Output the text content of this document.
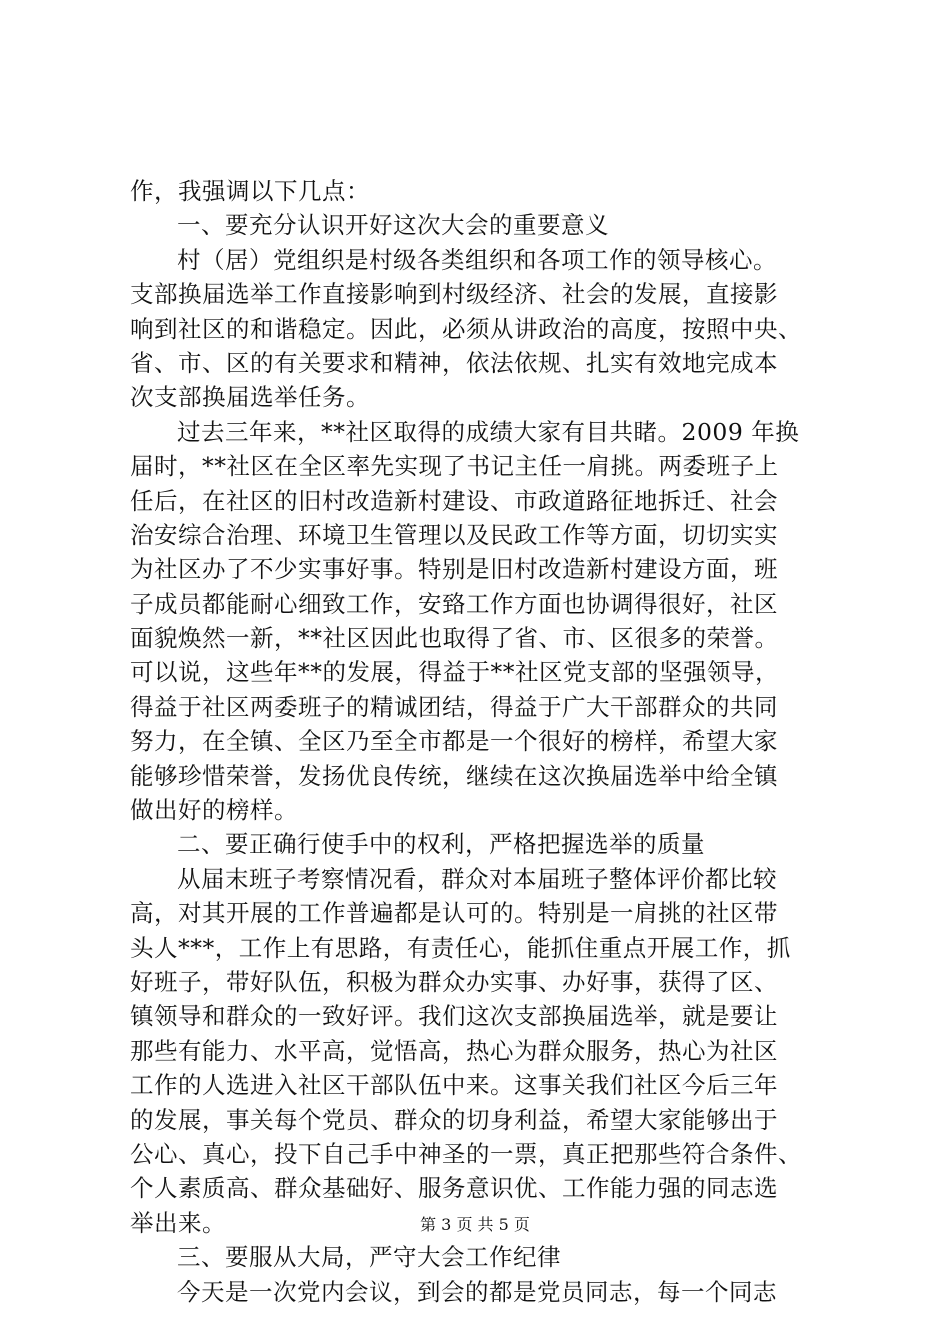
作，我强调以下几点：
一、要充分认识开好这次大会的重要意义
村（居）党组织是村级各类组织和各项工作的领导核心。
支部换届选举工作直接影响到村级经济、社会的发展，直接影
响到社区的和谐稳定。因此，必须从讲政治的高度，按照中央、
省、市、区的有关要求和精神，依法依规、扎实有效地完成本
次支部换届选举任务。
过去三年来，**社区取得的成绩大家有目共睹。2009 年换
届时，**社区在全区率先实现了书记主任一肩挑。两委班子上
任后，在社区的旧村改造新村建设、市政道路征地拆迁、社会
治安综合治理、环境卫生管理以及民政工作等方面，切切实实
为社区办了不少实事好事。特别是旧村改造新村建设方面，班
子成员都能耐心细致工作，安臵工作方面也协调得很好，社区
面貌焕然一新，**社区因此也取得了省、市、区很多的荣誉。
可以说，这些年**的发展，得益于**社区党支部的坚强领导，
得益于社区两委班子的精诚团结，得益于广大干部群众的共同
努力，在全镇、全区乃至全市都是一个很好的榜样，希望大家
能够珍惜荣誉，发扬优良传统，继续在这次换届选举中给全镇
做出好的榜样。
二、要正确行使手中的权利，严格把握选举的质量
从届末班子考察情况看，群众对本届班子整体评价都比较
高，对其开展的工作普遍都是认可的。特别是一肩挑的社区带
头人***，工作上有思路，有责任心，能抓住重点开展工作，抓
好班子，带好队伍，积极为群众办实事、办好事，获得了区、
镇领导和群众的一致好评。我们这次支部换届选举，就是要让
那些有能力、水平高，觉悟高，热心为群众服务，热心为社区
工作的人选进入社区干部队伍中来。这事关我们社区今后三年
的发展，事关每个党员、群众的切身利益，希望大家能够出于
公心、真心，投下自己手中神圣的一票，真正把那些符合条件、
个人素质高、群众基础好、服务意识优、工作能力强的同志选
举出来。
三、要服从大局，严守大会工作纪律
今天是一次党内会议，到会的都是党员同志，每一个同志
第 3 页 共 5 页
